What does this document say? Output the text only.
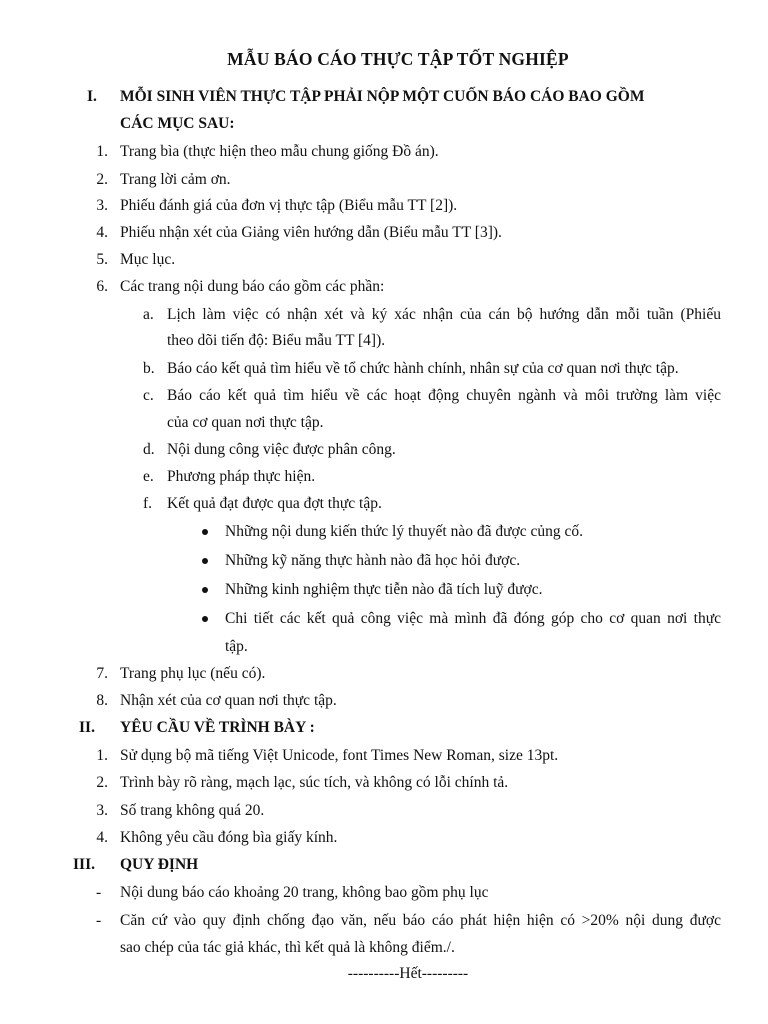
MẪU BÁO CÁO THỰC TẬP TỐT NGHIỆP
I. MỖI SINH VIÊN THỰC TẬP PHẢI NỘP MỘT CUỐN BÁO CÁO BAO GỒM
CÁC MỤC SAU:
1. Trang bìa (thực hiện theo mẫu chung giống Đồ án).
2. Trang lời cảm ơn.
3. Phiếu đánh giá của đơn vị thực tập (Biểu mẫu TT [2]).
4. Phiếu nhận xét của Giảng viên hướng dẫn (Biểu mẫu TT [3]).
5. Mục lục.
6. Các trang nội dung báo cáo gồm các phần:
a. Lịch làm việc có nhận xét và ký xác nhận của cán bộ hướng dẫn mỗi tuần (Phiếu
theo dõi tiến độ: Biểu mẫu TT [4]).
b. Báo cáo kết quả tìm hiểu về tổ chức hành chính, nhân sự của cơ quan nơi thực tập.
c. Báo cáo kết quả tìm hiểu về các hoạt động chuyên ngành và môi trường làm việc
của cơ quan nơi thực tập.
d. Nội dung công việc được phân công.
e. Phương pháp thực hiện.
f. Kết quả đạt được qua đợt thực tập.
Những nội dung kiến thức lý thuyết nào đã được củng cố.
Những kỹ năng thực hành nào đã học hỏi được.
Những kinh nghiệm thực tiễn nào đã tích luỹ được.
Chi tiết các kết quả công việc mà mình đã đóng góp cho cơ quan nơi thực
tập.
7. Trang phụ lục (nếu có).
8. Nhận xét của cơ quan nơi thực tập.
II. YÊU CẦU VỀ TRÌNH BÀY :
1. Sử dụng bộ mã tiếng Việt Unicode, font Times New Roman, size 13pt.
2. Trình bày rõ ràng, mạch lạc, súc tích, và không có lỗi chính tả.
3. Số trang không quá 20.
4. Không yêu cầu đóng bìa giấy kính.
III. QUY ĐỊNH
- Nội dung báo cáo khoảng 20 trang, không bao gồm phụ lục
- Căn cứ vào quy định chống đạo văn, nếu báo cáo phát hiện hiện có >20% nội dung được
sao chép của tác giả khác, thì kết quả là không điểm./.
----------Hết---------
